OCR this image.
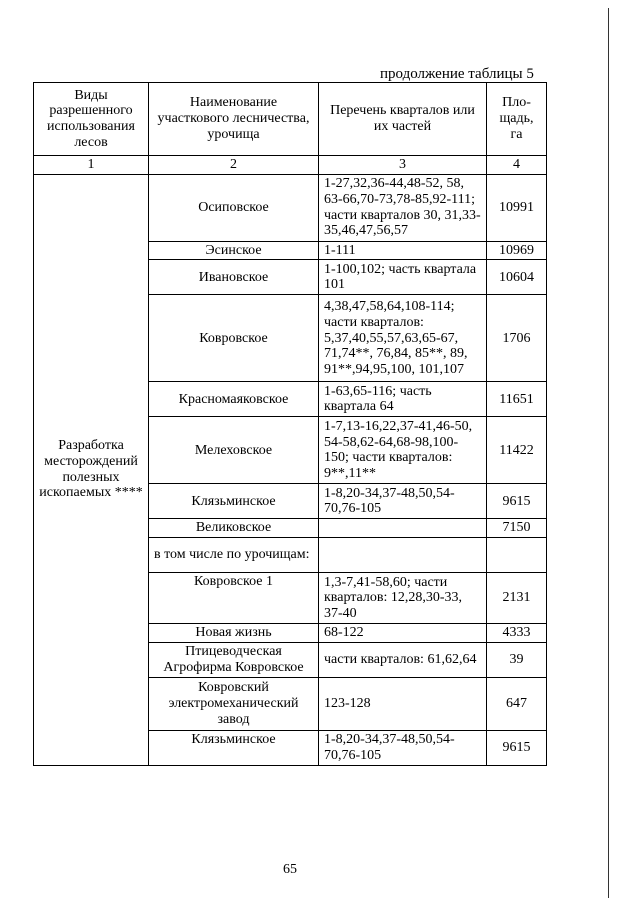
продолжение таблицы 5
Виды разрешенного использования лесов	Наименование участкового лесничества, урочища	Перечень кварталов или их частей	Пло-щадь, га
1	2	3	4
Разработка месторождений полезных ископаемых ****	Осиповское	1-27,32,36-44,48-52, 58, 63-66,70-73,78-85,92-111; части кварталов 30, 31,33-35,46,47,56,57	10991
	Эсинское	1-111	10969
	Ивановское	1-100,102; часть квартала 101	10604
	Ковровское	4,38,47,58,64,108-114; части кварталов: 5,37,40,55,57,63,65-67, 71,74**, 76,84, 85**, 89, 91**,94,95,100, 101,107	1706
	Красномаяковское	1-63,65-116; часть квартала 64	11651
	Мелеховское	1-7,13-16,22,37-41,46-50, 54-58,62-64,68-98,100-150; части кварталов: 9**,11**	11422
	Клязьминское	1-8,20-34,37-48,50,54-70,76-105	9615
	Великовское		7150
	в том числе по урочищам:		
	Ковровское 1	1,3-7,41-58,60; части кварталов: 12,28,30-33, 37-40	2131
	Новая жизнь	68-122	4333
	Птицеводческая Агрофирма Ковровское	части кварталов: 61,62,64	39
	Ковровский электромеханический завод	123-128	647
	Клязьминское	1-8,20-34,37-48,50,54-70,76-105	9615
65
